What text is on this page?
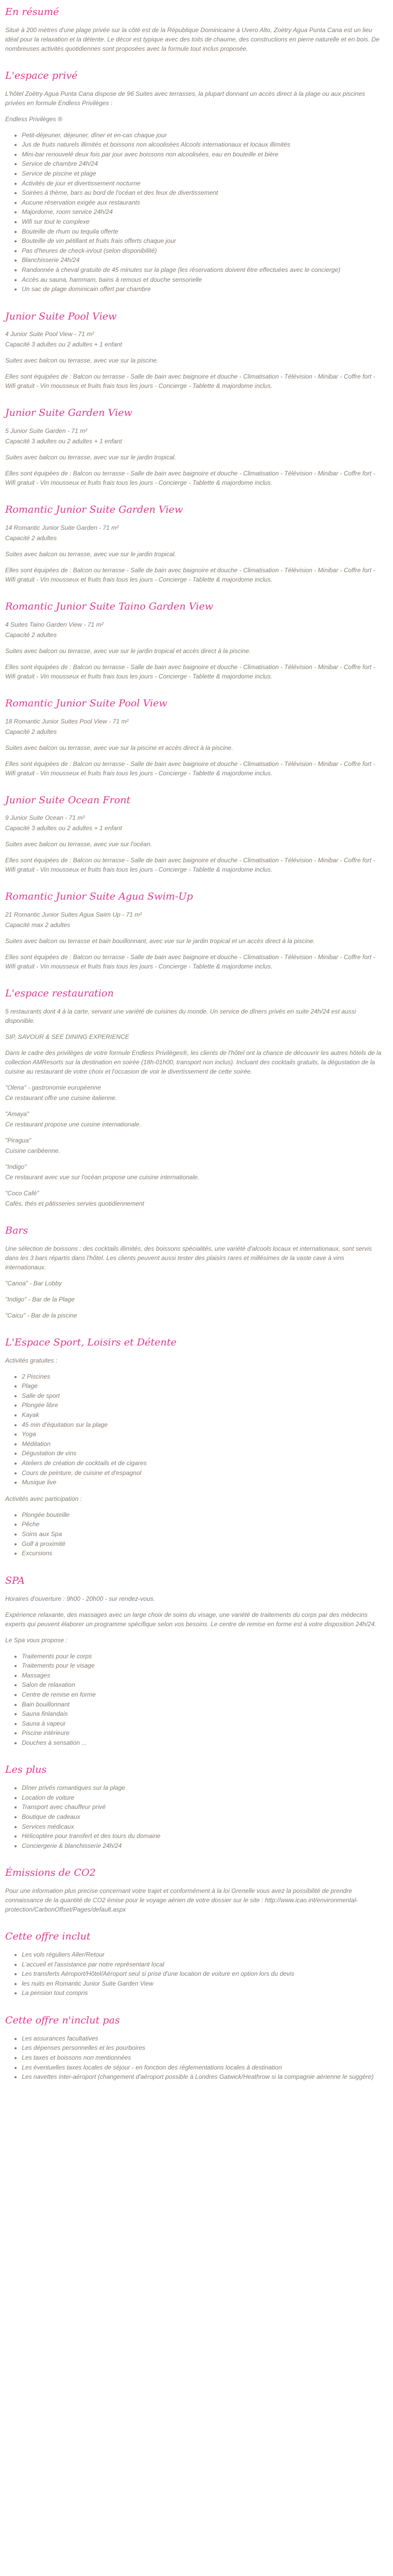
En résumé

Situé à 200 mètres d'une plage privée sur la côté est de la République Dominicaine à Uvero Alto, Zoëtry Agua Punta Cana est un lieu idéal pour la relaxation et la détente. Le décor est typique avec des toits de chaume, des constructions en pierre naturelle et en bois. De nombreuses activités quotidiennes sont proposées avec la formule tout inclus proposée.

L'espace privé

L'hôtel Zoëtry Agua Punta Cana dispose de 96 Suites avec terrasses, la plupart donnant un accès direct à la plage ou aux piscines privées en formule Endless Privilèges :

Endless Privilèges ®

• Petit-déjeuner, déjeuner, dîner et en-cas chaque jour
• Jus de fruits naturels illimités et boissons non alcoolisées Alcools internationaux et locaux illimités
• Mini-bar renouvelé deux fois par jour avec boissons non alcoolisées, eau en bouteille et bière
• Service de chambre 24h/24
• Service de piscine et plage
• Activités de jour et divertissement nocturne
• Soirées à thème, bars au bord de l'océan et des feux de divertissement
• Aucune réservation exigée aux restaurants
• Majordome, room service 24h/24
• Wifi sur tout le complexe
• Bouteille de rhum ou tequila offerte
• Bouteille de vin pétillant et fruits frais offerts chaque jour
• Pas d'heures de check-in/out (selon disponibilité)
• Blanchisserie 24h/24
• Randonnée à cheval gratuite de 45 minutes sur la plage (les réservations doivent être effectuées avec le concierge)
• Accès au sauna, hammam, bains à remous et douche sensorielle
• Un sac de plage dominicain offert par chambre
Junior Suite Pool View

4 Junior Suite Pool View - 71 m²

Capacité 3 adultes ou 2 adultes + 1 enfant

Suites avec balcon ou terrasse, avec vue sur la piscine.

Elles sont équipées de : Balcon ou terrasse - Salle de bain avec baignoire et douche - Climatisation - Télévision - Minibar - Coffre fort - Wifi gratuit - Vin mousseux et fruits frais tous les jours - Concierge - Tablette & majordome inclus.

Junior Suite Garden View

5 Junior Suite Garden - 71 m²

Capacité 3 adultes ou 2 adultes + 1 enfant

Suites avec balcon ou terrasse, avec vue sur le jardin tropical.

Elles sont équipées de : Balcon ou terrasse - Salle de bain avec baignoire et douche - Climatisation - Télévision - Minibar - Coffre fort - Wifi gratuit - Vin mousseux et fruits frais tous les jours - Concierge - Tablette & majordome inclus.

Romantic Junior Suite Garden View

14 Romantic Junior Suite Garden - 71 m²

Capacité 2 adultes

Suites avec balcon ou terrasse, avec vue sur le jardin tropical.

Elles sont équipées de : Balcon ou terrasse - Salle de bain avec baignoire et douche - Climatisation - Télévision - Minibar - Coffre fort - Wifi gratuit - Vin mousseux et fruits frais tous les jours - Concierge - Tablette & majordome inclus.

Romantic Junior Suite Taino Garden View

4 Suites Taino Garden View - 71 m²

Capacité 2 adultes

Suites avec balcon ou terrasse, avec vue sur le jardin tropical et accès direct à la piscine.

Elles sont équipées de : Balcon ou terrasse - Salle de bain avec baignoire et douche - Climatisation - Télévision - Minibar - Coffre fort - Wifi gratuit - Vin mousseux et fruits frais tous les jours - Concierge - Tablette & majordome inclus.

Romantic Junior Suite Pool View

18 Romantic Junior Suites Pool View - 71 m²

Capacité 2 adultes

Suites avec balcon ou terrasse, avec vue sur la piscine et accès direct à la piscine.

Elles sont équipées de : Balcon ou terrasse - Salle de bain avec baignoire et douche - Climatisation - Télévision - Minibar - Coffre fort - Wifi gratuit - Vin mousseux et fruits frais tous les jours - Concierge - Tablette & majordome inclus.

Junior Suite Ocean Front

9 Junior Suite Ocean - 71 m²

Capacité 3 adultes ou 2 adultes + 1 enfant

Suites avec balcon ou terrasse, avec vue sur l'océan.

Elles sont équipées de : Balcon ou terrasse - Salle de bain avec baignoire et douche - Climatisation - Télévision - Minibar - Coffre fort - Wifi gratuit - Vin mousseux et fruits frais tous les jours - Concierge - Tablette & majordome inclus.

Romantic Junior Suite Agua Swim-Up

21 Romantic Junior Suites Agua Swim Up - 71 m²

Capacité max 2 adultes

Suites avec balcon ou terrasse et bain bouillonnant, avec vue sur le jardin tropical et un accès direct à la piscine.

Elles sont équipées de : Balcon ou terrasse - Salle de bain avec baignoire et douche - Climatisation - Télévision - Minibar - Coffre fort - Wifi gratuit - Vin mousseux et fruits frais tous les jours - Concierge - Tablette & majordome inclus.

L'espace restauration

5 restaurants dont 4 à la carte, servant une variété de cuisines du monde. Un service de dîners privés en suite 24h/24 est aussi disponible.

SIP, SAVOUR & SEE DINING EXPERIENCE

Dans le cadre des privilèges de votre formule Endless Privilèges®, les clients de l'hôtel ont la chance de découvrir les autres hôtels de la collection AMResorts sur la destination en soirée (18h-01h00, transport non inclus). Incluant des cocktails gratuits, la dégustation de la cuisine au restaurant de votre choix et l'occasion de voir le divertissement de cette soirée.

"Olena" - gastronomie européenne

Ce restaurant offre une cuisine italienne.

"Amaya"

Ce restaurant propose une cuisine internationale.

"Piragua"

Cuisine caribéenne.

"Indigo"

Ce restaurant avec vue sur l'océan propose une cuisine internationale.

"Coco Café"

Cafés, thés et pâtisseries servies quotidiennement

Bars

Une sélection de boissons : des cocktails illimités, des boissons spécialités, une variété d'alcools locaux et internationaux, sont servis dans les 3 bars répartis dans l'hôtel. Les clients peuvent aussi tester des plaisirs rares et millésimes de la vaste cave à vins internationaux.

"Canoa" - Bar Lobby

"Indigo" - Bar de la Plage

"Caicu" - Bar de la piscine

L'Espace Sport, Loisirs et Détente

Activités gratuites :

• 2 Piscines
• Plage
• Salle de sport
• Plongée libre
• Kayak
• 45 min d'équitation sur la plage
• Yoga
• Méditation
• Dégustation de vins
• Ateliers de création de cocktails et de cigares
• Cours de peinture, de cuisine et d'espagnol
• Musique live

Activités avec participation :

• Plongée bouteille
• Pêche
• Soins aux Spa
• Golf à proximité
• Excursions
SPA

Horaires d'ouverture : 9h00 - 20h00 - sur rendez-vous.

Expérience relaxante, des massages avec un large choix de soins du visage, une variété de traitements du corps par des médecins experts qui peuvent élaborer un programme spécifique selon vos besoins. Le centre de remise en forme est à votre disposition 24h/24.

Le Spa vous propose :

• Traitements pour le corps
• Traitements pour le visage
• Massages
• Salon de relaxation
• Centre de remise en forme
• Bain bouillonnant
• Sauna finlandais
• Sauna à vapeur
• Piscine intérieure
• Douches à sensation ...
Les plus
• Dîner privés romantiques sur la plage
• Location de voiture
• Transport avec chauffeur privé
• Boutique de cadeaux
• Services médicaux
• Hélicoptère pour transfert et des tours du domaine
• Conciergerie & blanchisserie 24h/24
Émissions de CO2

Pour une information plus precise concernant votre trajet et conformément à la loi Grenelle vous avez la possibilité de prendre connaissance de la quantité de CO2 émise pour le voyage aérien de votre dossier sur le site : http://www.icao.int/environmental-protection/CarbonOffset/Pages/default.aspx

Cette offre inclut
• Les vols réguliers Aller/Retour
• L'accueil et l'assistance par notre représentant local
• Les transferts Aéroport/Hôtel/Aéroport seul si prise d'une location de voiture en option lors du devis
• les nuits en Romantic Junior Suite Garden View
• La pension tout compris
Cette offre n'inclut pas
• Les assurances facultatives
• Les dépenses personnelles et les pourboires
• Les taxes et boissons non mentionnées
• Les éventuelles taxes locales de séjour - en fonction des réglementations locales à destination
• Les navettes inter-aéroport (changement d'aéroport possible à Londres Gatwick/Heathrow si la compagnie aérienne le suggère)
